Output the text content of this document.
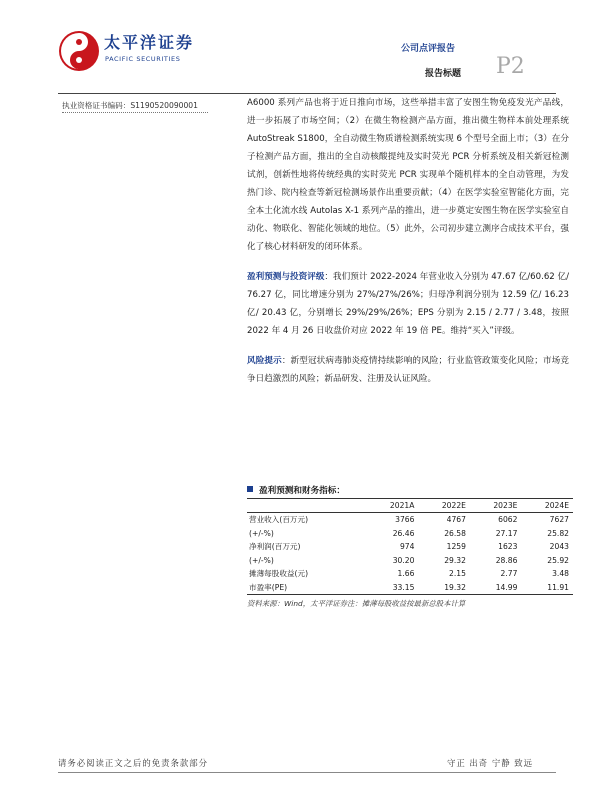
太平洋证券
PACIFIC SECURITIES
公司点评报告
报告标题 P2
执业资格证书编码：S1190520090001	A6000 系列产品也将于近日推向市场，这些举措丰富了安图生物免疫发光产品线，进一步拓展了市场空间；（2）在微生物检测产品方面，推出微生物样本前处理系统 AutoStreak S1800，全自动微生物质谱检测系统实现 6 个型号全面上市；（3）在分子检测产品方面，推出的全自动核酸提纯及实时荧光 PCR 分析系统及相关新冠检测试剂，创新性地将传统经典的实时荧光 PCR 实现单个随机样本的全自动管理，为发热门诊、院内检查等新冠检测场景作出重要贡献；（4）在医学实验室智能化方面，完全本土化流水线 Autolas X-1 系列产品的推出，进一步奠定安图生物在医学实验室自动化、物联化、智能化领域的地位。（5）此外，公司初步建立测序合成技术平台，强化了核心材料研发的闭环体系。

盈利预测与投资评级：我们预计 2022-2024 年营业收入分别为 47.67 亿/60.62 亿/ 76.27 亿，同比增速分别为 27%/27%/26%；归母净利润分别为 12.59 亿/ 16.23 亿/ 20.43 亿，分别增长 29%/29%/26%；EPS 分别为 2.15 / 2.77 / 3.48，按照 2022 年 4 月 26 日收盘价对应 2022 年 19 倍 PE。维持“买入”评级。

风险提示：新型冠状病毒肺炎疫情持续影响的风险；行业监管政策变化风险；市场竞争日趋激烈的风险；新品研发、注册及认证风险。

盈利预测和财务指标：
	2021A	2022E	2023E	2024E
营业收入(百万元)	3766	4767	6062	7627
(+/-%)	26.46	26.58	27.17	25.82
净利润(百万元)	974	1259	1623	2043
(+/-%)	30.20	29.32	28.86	25.92
摊薄每股收益(元)	1.66	2.15	2.77	3.48
市盈率(PE)	33.15	19.32	14.99	11.91
资料来源：Wind，太平洋证券注：摊薄每股收益按最新总股本计算
请务必阅读正文之后的免责条款部分	守正 出奇 宁静 致远
